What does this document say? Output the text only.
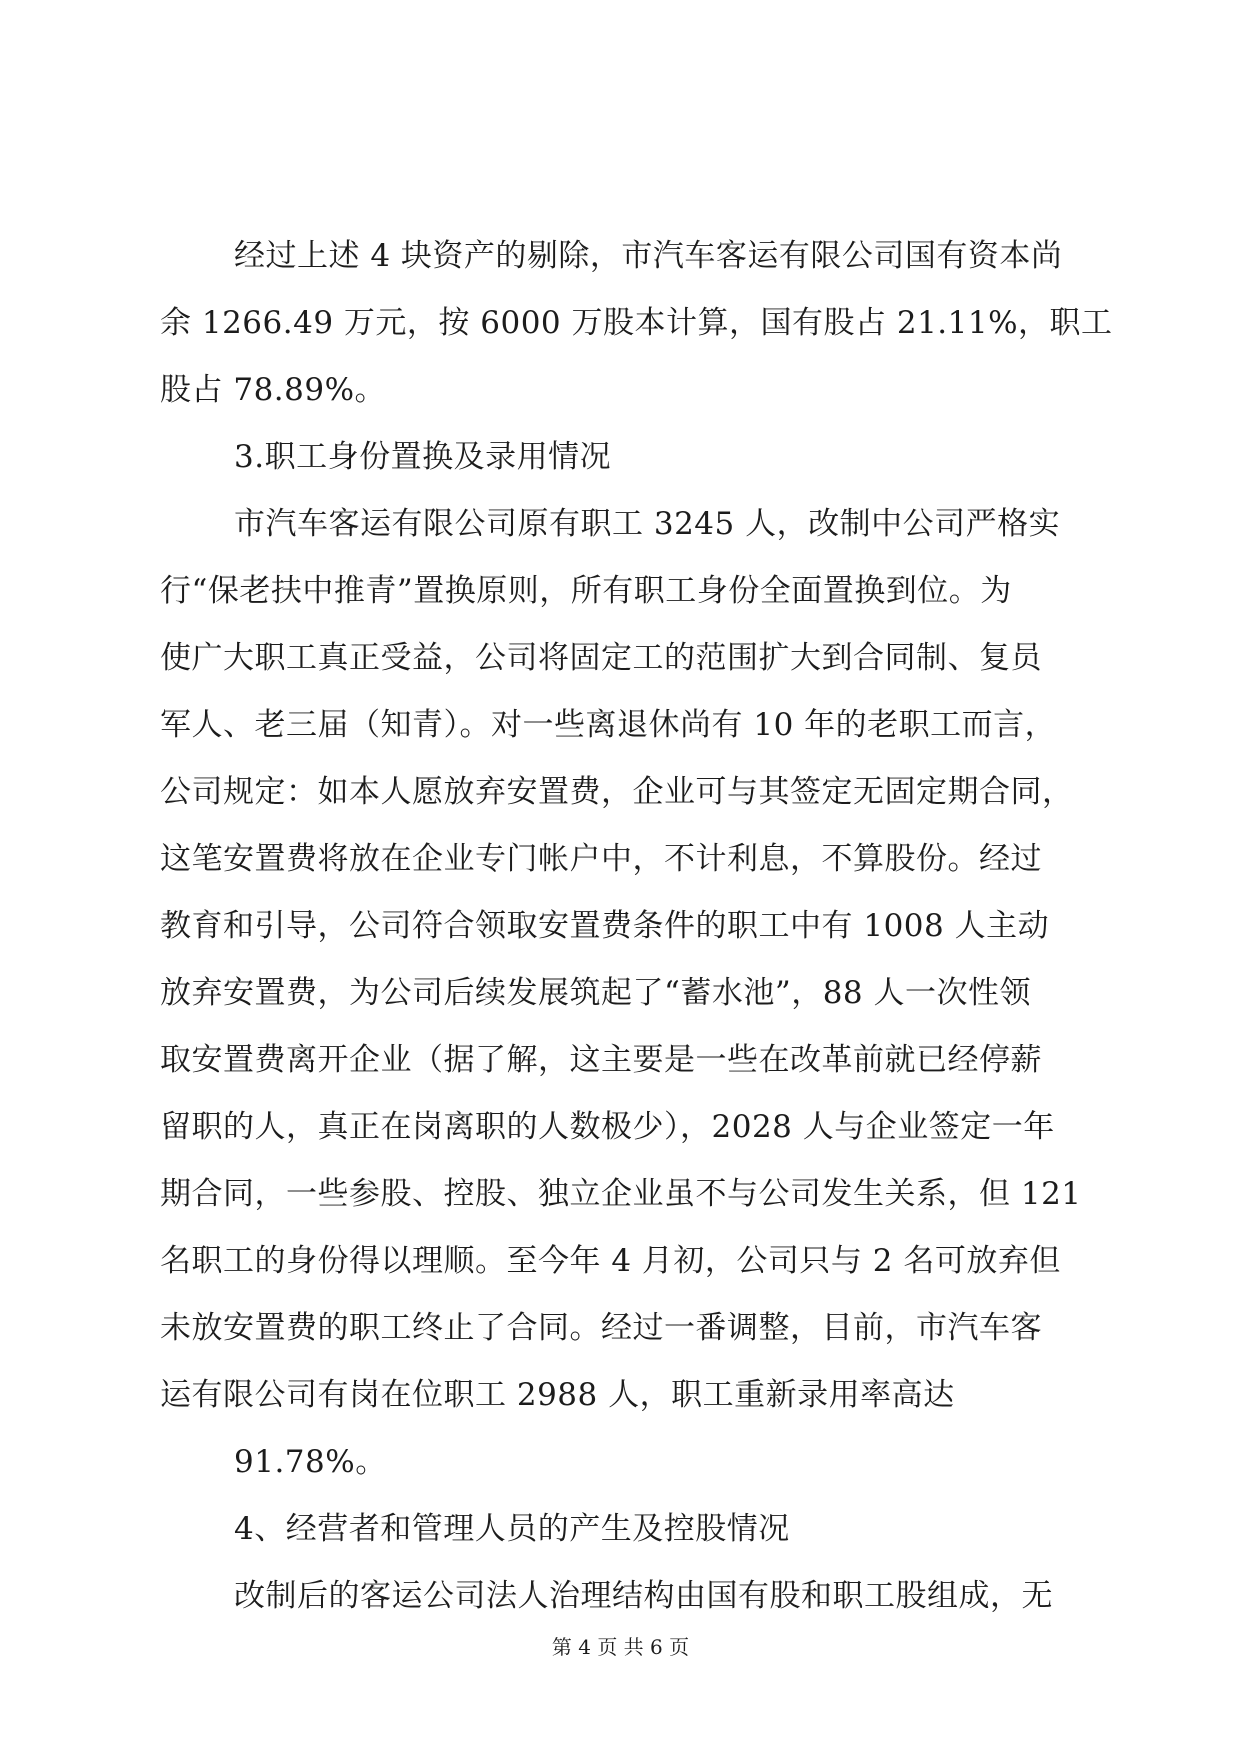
经过上述 4 块资产的剔除，市汽车客运有限公司国有资本尚
余 1266.49 万元，按 6000 万股本计算，国有股占 21.11%，职工
股占 78.89%。
3.职工身份置换及录用情况
市汽车客运有限公司原有职工 3245 人，改制中公司严格实
行“保老扶中推青”置换原则，所有职工身份全面置换到位。为
使广大职工真正受益，公司将固定工的范围扩大到合同制、复员
军人、老三届（知青）。对一些离退休尚有 10 年的老职工而言，
公司规定：如本人愿放弃安置费，企业可与其签定无固定期合同，
这笔安置费将放在企业专门帐户中，不计利息，不算股份。经过
教育和引导，公司符合领取安置费条件的职工中有 1008 人主动
放弃安置费，为公司后续发展筑起了“蓄水池”，88 人一次性领
取安置费离开企业（据了解，这主要是一些在改革前就已经停薪
留职的人，真正在岗离职的人数极少），2028 人与企业签定一年
期合同，一些参股、控股、独立企业虽不与公司发生关系，但 121
名职工的身份得以理顺。至今年 4 月初，公司只与 2 名可放弃但
未放安置费的职工终止了合同。经过一番调整，目前，市汽车客
运有限公司有岗在位职工 2988 人，职工重新录用率高达
91.78%。
4、经营者和管理人员的产生及控股情况
改制后的客运公司法人治理结构由国有股和职工股组成，无
第 4 页 共 6 页
